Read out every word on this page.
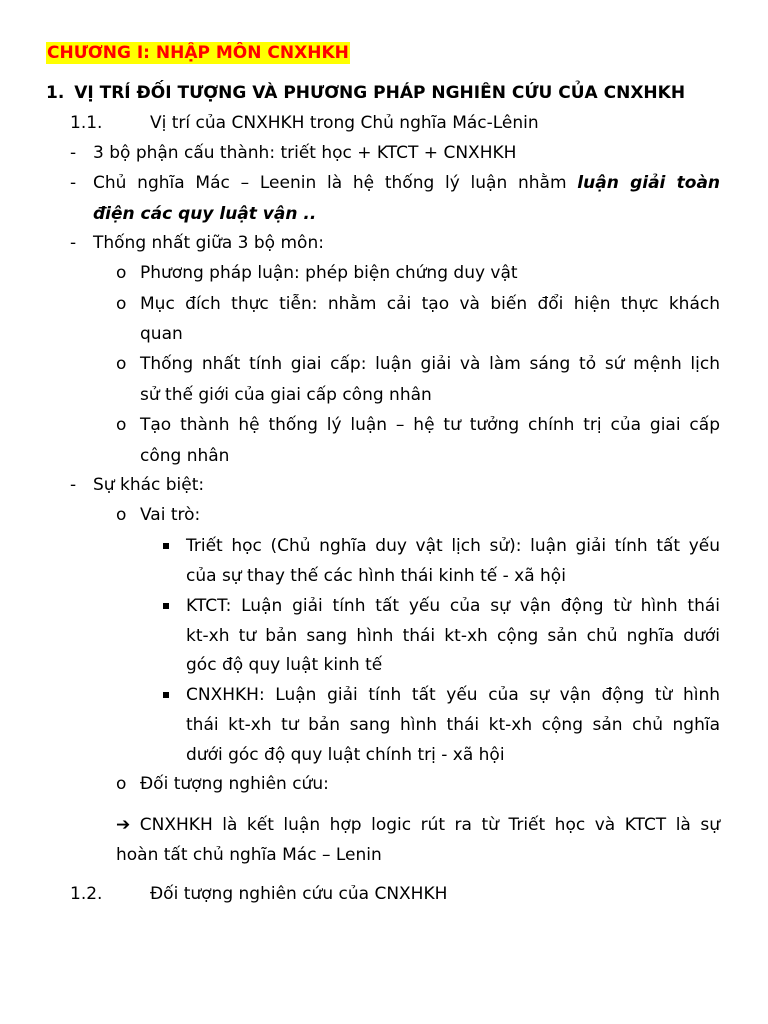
CHƯƠNG I: NHẬP MÔN CNXHKH
1. VỊ TRÍ ĐỐI TƯỢNG VÀ PHƯƠNG PHÁP NGHIÊN CỨU CỦA CNXHKH
1.1.	Vị trí của CNXHKH trong Chủ nghĩa Mác-Lênin
- 3 bộ phận cấu thành: triết học + KTCT + CNXHKH
- Chủ nghĩa Mác – Leenin là hệ thống lý luận nhằm luận giải toàn
điện các quy luật vận ..
- Thống nhất giữa 3 bộ môn:
o Phương pháp luận: phép biện chứng duy vật
o Mục đích thực tiễn: nhằm cải tạo và biến đổi hiện thực khách
quan
o Thống nhất tính giai cấp: luận giải và làm sáng tỏ sứ mệnh lịch
sử thế giới của giai cấp công nhân
o Tạo thành hệ thống lý luận – hệ tư tưởng chính trị của giai cấp
công nhân
- Sự khác biệt:
o Vai trò:
Triết học (Chủ nghĩa duy vật lịch sử): luận giải tính tất yếu
của sự thay thế các hình thái kinh tế - xã hội
KTCT: Luận giải tính tất yếu của sự vận động từ hình thái
kt-xh tư bản sang hình thái kt-xh cộng sản chủ nghĩa dưới
góc độ quy luật kinh tế
CNXHKH: Luận giải tính tất yếu của sự vận động từ hình
thái kt-xh tư bản sang hình thái kt-xh cộng sản chủ nghĩa
dưới góc độ quy luật chính trị - xã hội
o Đối tượng nghiên cứu:
➔ CNXHKH là kết luận hợp logic rút ra từ Triết học và KTCT là sự
hoàn tất chủ nghĩa Mác – Lenin
1.2.	Đối tượng nghiên cứu của CNXHKH
